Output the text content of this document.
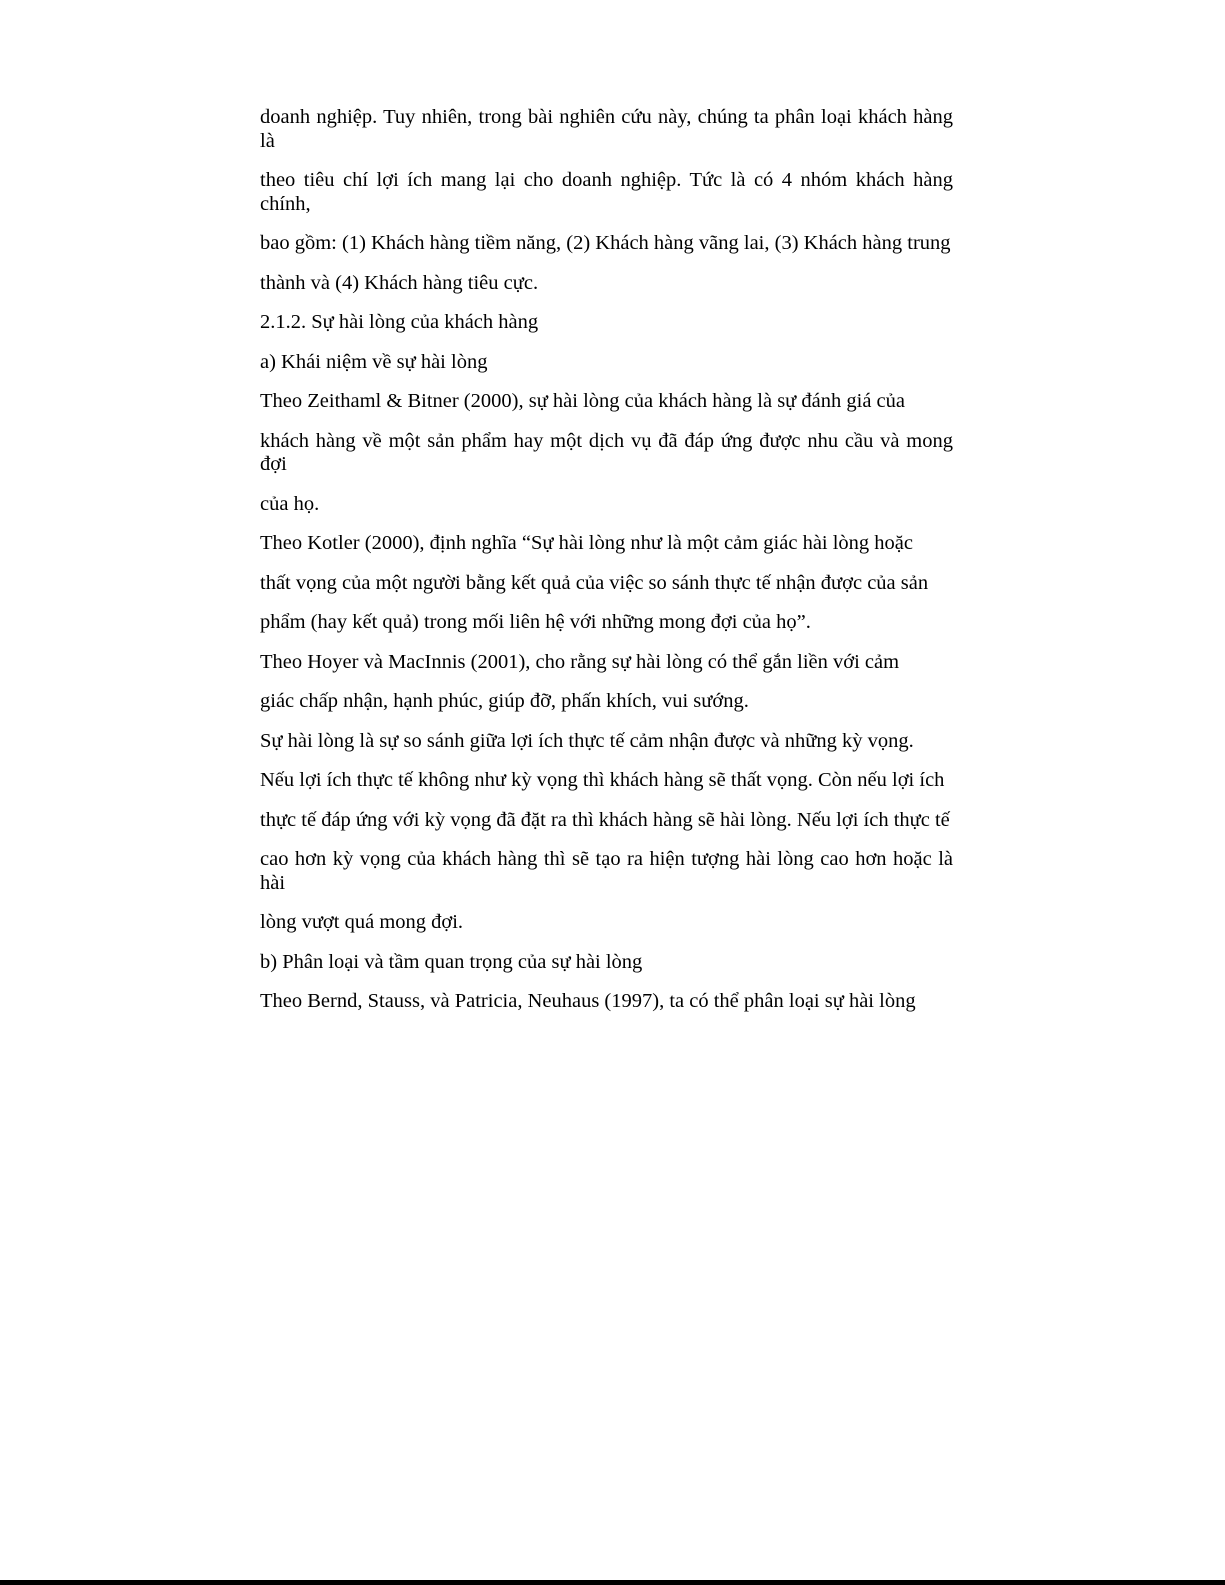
doanh nghiệp. Tuy nhiên, trong bài nghiên cứu này, chúng ta phân loại khách hàng là

theo tiêu chí lợi ích mang lại cho doanh nghiệp. Tức là có 4 nhóm khách hàng chính,

bao gồm: (1) Khách hàng tiềm năng, (2) Khách hàng vãng lai, (3) Khách hàng trung

thành và (4) Khách hàng tiêu cực.

2.1.2. Sự hài lòng của khách hàng

a) Khái niệm về sự hài lòng

Theo Zeithaml & Bitner (2000), sự hài lòng của khách hàng là sự đánh giá của

khách hàng về một sản phẩm hay một dịch vụ đã đáp ứng được nhu cầu và mong đợi

của họ.

Theo Kotler (2000), định nghĩa “Sự hài lòng như là một cảm giác hài lòng hoặc

thất vọng của một người bằng kết quả của việc so sánh thực tế nhận được của sản

phẩm (hay kết quả) trong mối liên hệ với những mong đợi của họ”.

Theo Hoyer và MacInnis (2001), cho rằng sự hài lòng có thể gắn liền với cảm

giác chấp nhận, hạnh phúc, giúp đỡ, phấn khích, vui sướng.

Sự hài lòng là sự so sánh giữa lợi ích thực tế cảm nhận được và những kỳ vọng.

Nếu lợi ích thực tế không như kỳ vọng thì khách hàng sẽ thất vọng. Còn nếu lợi ích

thực tế đáp ứng với kỳ vọng đã đặt ra thì khách hàng sẽ hài lòng. Nếu lợi ích thực tế

cao hơn kỳ vọng của khách hàng thì sẽ tạo ra hiện tượng hài lòng cao hơn hoặc là hài

lòng vượt quá mong đợi.

b) Phân loại và tầm quan trọng của sự hài lòng

Theo Bernd, Stauss, và Patricia, Neuhaus (1997), ta có thể phân loại sự hài lòng
